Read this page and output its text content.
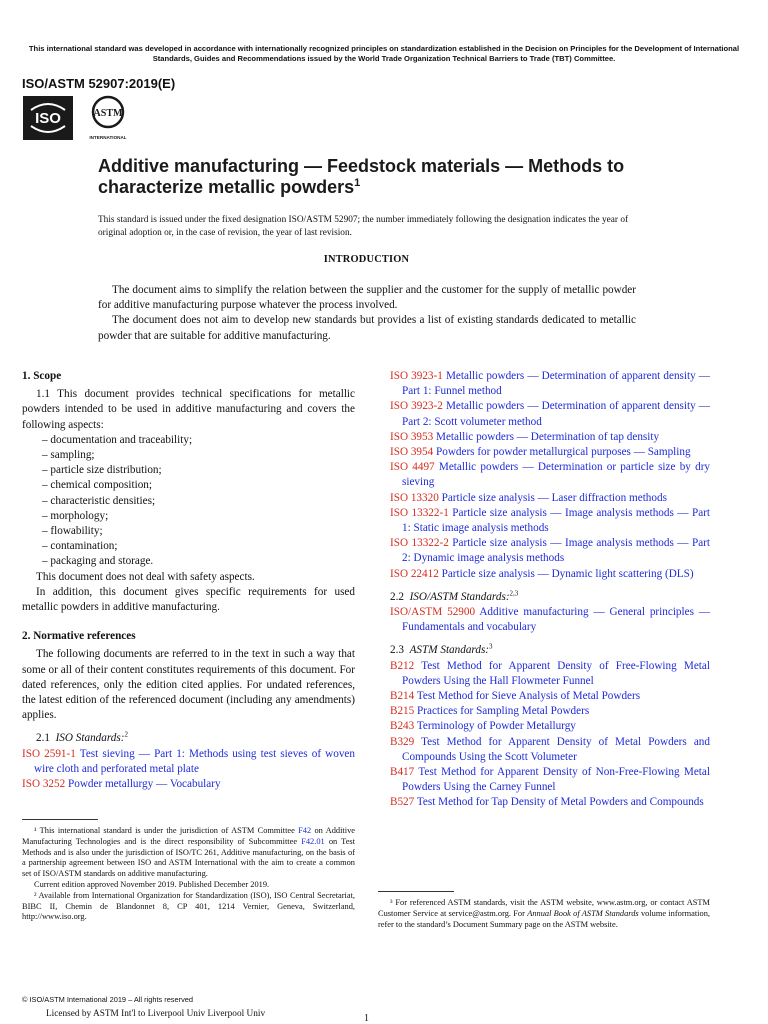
This international standard was developed in accordance with internationally recognized principles on standardization established in the Decision on Principles for the Development of International Standards, Guides and Recommendations issued by the World Trade Organization Technical Barriers to Trade (TBT) Committee.
ISO/ASTM 52907:2019(E)
ISO	ASTM
INTERNATIONAL
Additive manufacturing — Feedstock materials — Methods to characterize metallic powders$^1$
This standard is issued under the fixed designation ISO/ASTM 52907; the number immediately following the designation indicates the year of original adoption or, in the case of revision, the year of last revision.
INTRODUCTION

The document aims to simplify the relation between the supplier and the customer for the supply of metallic powder for additive manufacturing purpose whatever the process involved.

The document does not aim to develop new standards but provides a list of existing standards dedicated to metallic powder that are suitable for additive manufacturing.

1. Scope

1.1 This document provides technical specifications for metallic powders intended to be used in additive manufacturing and covers the following aspects:

– documentation and traceability;

– sampling;

– particle size distribution;

– chemical composition;

– characteristic densities;

– morphology;

– flowability;

– contamination;

– packaging and storage.

This document does not deal with safety aspects.

In addition, this document gives specific requirements for used metallic powders in additive manufacturing.

2. Normative references

The following documents are referred to in the text in such a way that some or all of their content constitutes requirements of this document. For dated references, only the edition cited applies. For undated references, the latest edition of the referenced document (including any amendments) applies.

2.1 ISO Standards:$^2$

ISO 2591-1 Test sieving — Part 1: Methods using test sieves of woven wire cloth and perforated metal plate

ISO 3252 Powder metallurgy — Vocabulary

ISO 3923-1 Metallic powders — Determination of apparent density — Part 1: Funnel method

ISO 3923-2 Metallic powders — Determination of apparent density — Part 2: Scott volumeter method

ISO 3953 Metallic powders — Determination of tap density

ISO 3954 Powders for powder metallurgical purposes — Sampling

ISO 4497 Metallic powders — Determination or particle size by dry sieving

ISO 13320 Particle size analysis — Laser diffraction methods

ISO 13322-1 Particle size analysis — Image analysis methods — Part 1: Static image analysis methods

ISO 13322-2 Particle size analysis — Image analysis methods — Part 2: Dynamic image analysis methods

ISO 22412 Particle size analysis — Dynamic light scattering (DLS)

2.2 ISO/ASTM Standards:$^{2,3}$

ISO/ASTM 52900 Additive manufacturing — General principles — Fundamentals and vocabulary

2.3 ASTM Standards:$^3$

B212 Test Method for Apparent Density of Free-Flowing Metal Powders Using the Hall Flowmeter Funnel

B214 Test Method for Sieve Analysis of Metal Powders

B215 Practices for Sampling Metal Powders

B243 Terminology of Powder Metallurgy

B329 Test Method for Apparent Density of Metal Powders and Compounds Using the Scott Volumeter

B417 Test Method for Apparent Density of Non-Free-Flowing Metal Powders Using the Carney Funnel

B527 Test Method for Tap Density of Metal Powders and Compounds

¹ This international standard is under the jurisdiction of ASTM Committee F42 on Additive Manufacturing Technologies and is the direct responsibility of Subcommittee F42.01 on Test Methods and is also under the jurisdiction of ISO/TC 261, Additive manufacturing, on the basis of a partnership agreement between ISO and ASTM International with the aim to create a common set of ISO/ASTM standards on additive manufacturing.

Current edition approved November 2019. Published December 2019.

² Available from International Organization for Standardization (ISO), ISO Central Secretariat, BIBC II, Chemin de Blandonnet 8, CP 401, 1214 Vernier, Geneva, Switzerland, http://www.iso.org.

³ For referenced ASTM standards, visit the ASTM website, www.astm.org, or contact ASTM Customer Service at service@astm.org. For Annual Book of ASTM Standards volume information, refer to the standard’s Document Summary page on the ASTM website.

© ISO/ASTM International 2019 – All rights reserved
Licensed by ASTM Int'l to Liverpool Univ Liverpool Univ	1
